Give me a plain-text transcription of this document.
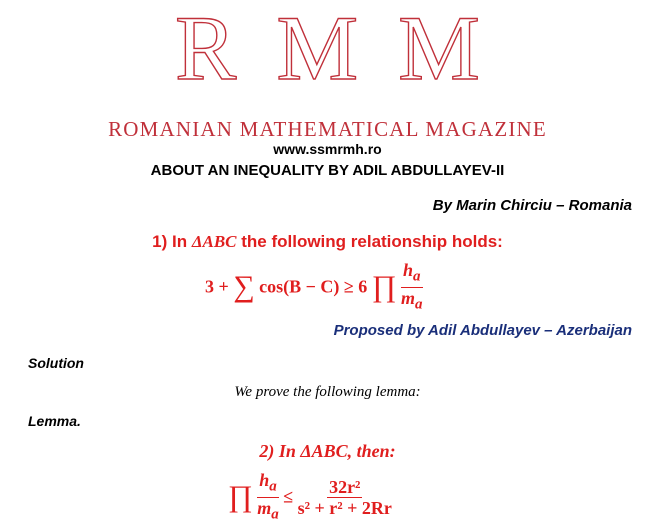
RMM
ROMANIAN MATHEMATICAL MAGAZINE
www.ssmrmh.ro
ABOUT AN INEQUALITY BY ADIL ABDULLAYEV-II
By Marin Chirciu – Romania
1) In ΔABC the following relationship holds:
3 + ∑ cos(B − C) ≥ 6 ∏ $\frac{h_a}{m_a}$
Proposed by Adil Abdullayev – Azerbaijan
Solution
We prove the following lemma:
Lemma.
2) In ΔABC, then:
∏ $\frac{h_a}{m_a} \le \frac{\text{32r²}}{\text{s² + r² + 2Rr}}$
